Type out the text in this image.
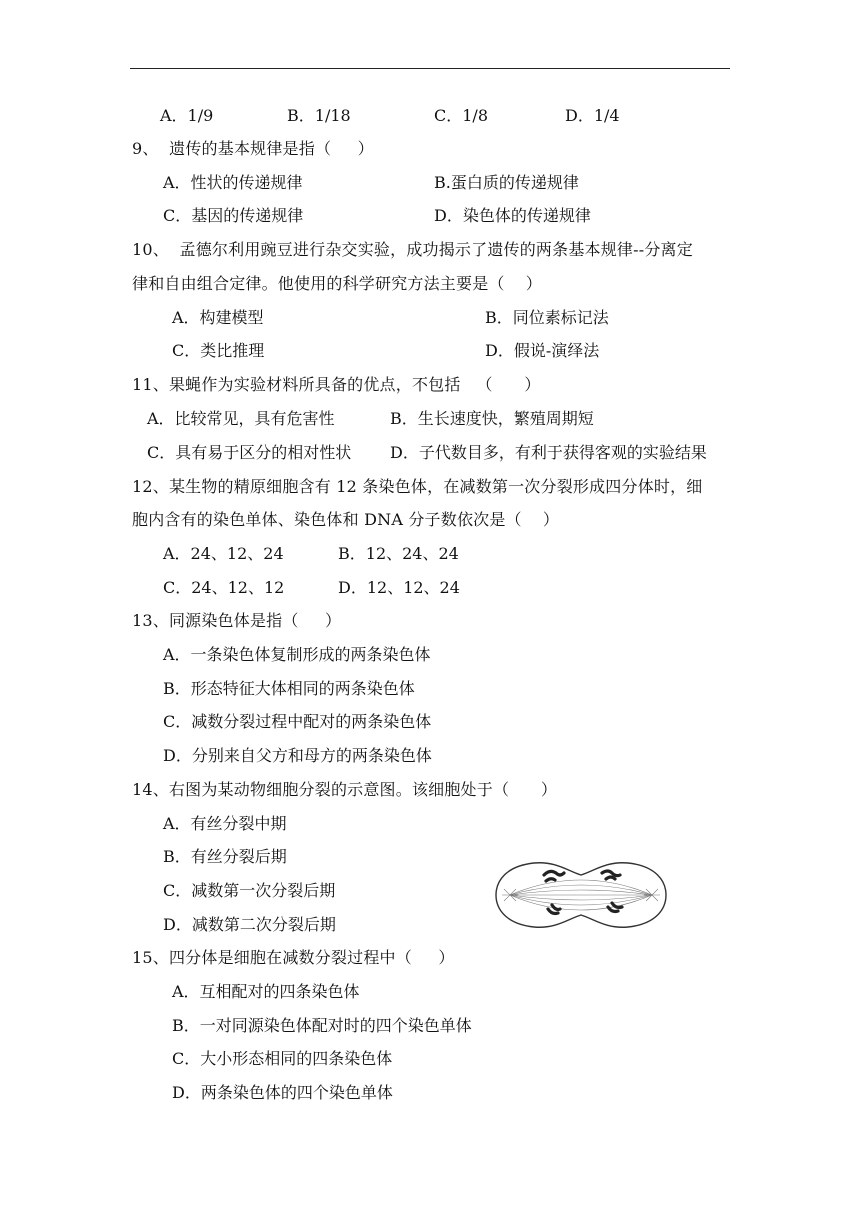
A．1/9	B．1/18	C．1/8	D．1/4
9、  遗传的基本规律是指（     ）
A．性状的传递规律	B.蛋白质的传递规律
C．基因的传递规律	D．染色体的传递规律
10、  孟德尔利用豌豆进行杂交实验，成功揭示了遗传的两条基本规律--分离定
律和自由组合定律。他使用的科学研究方法主要是（    ）
A．构建模型	B．同位素标记法
C．类比推理	D．假说-演绎法
11、果蝇作为实验材料所具备的优点，不包括   （      ）
A．比较常见，具有危害性	B．生长速度快，繁殖周期短
C．具有易于区分的相对性状 D．子代数目多，有利于获得客观的实验结果
12、某生物的精原细胞含有 12 条染色体，在减数第一次分裂形成四分体时，细
胞内含有的染色单体、染色体和 DNA 分子数依次是（    ）
A．24、12、24	B．12、24、24
C．24、12、12	D．12、12、24
13、同源染色体是指（     ）
A．一条染色体复制形成的两条染色体
B．形态特征大体相同的两条染色体
C．减数分裂过程中配对的两条染色体
D．分别来自父方和母方的两条染色体
14、右图为某动物细胞分裂的示意图。该细胞处于（      ）
A．有丝分裂中期
B．有丝分裂后期
C．减数第一次分裂后期
D．减数第二次分裂后期
15、四分体是细胞在减数分裂过程中（     ）
A．互相配对的四条染色体
B．一对同源染色体配对时的四个染色单体
C．大小形态相同的四条染色体
D．两条染色体的四个染色单体
